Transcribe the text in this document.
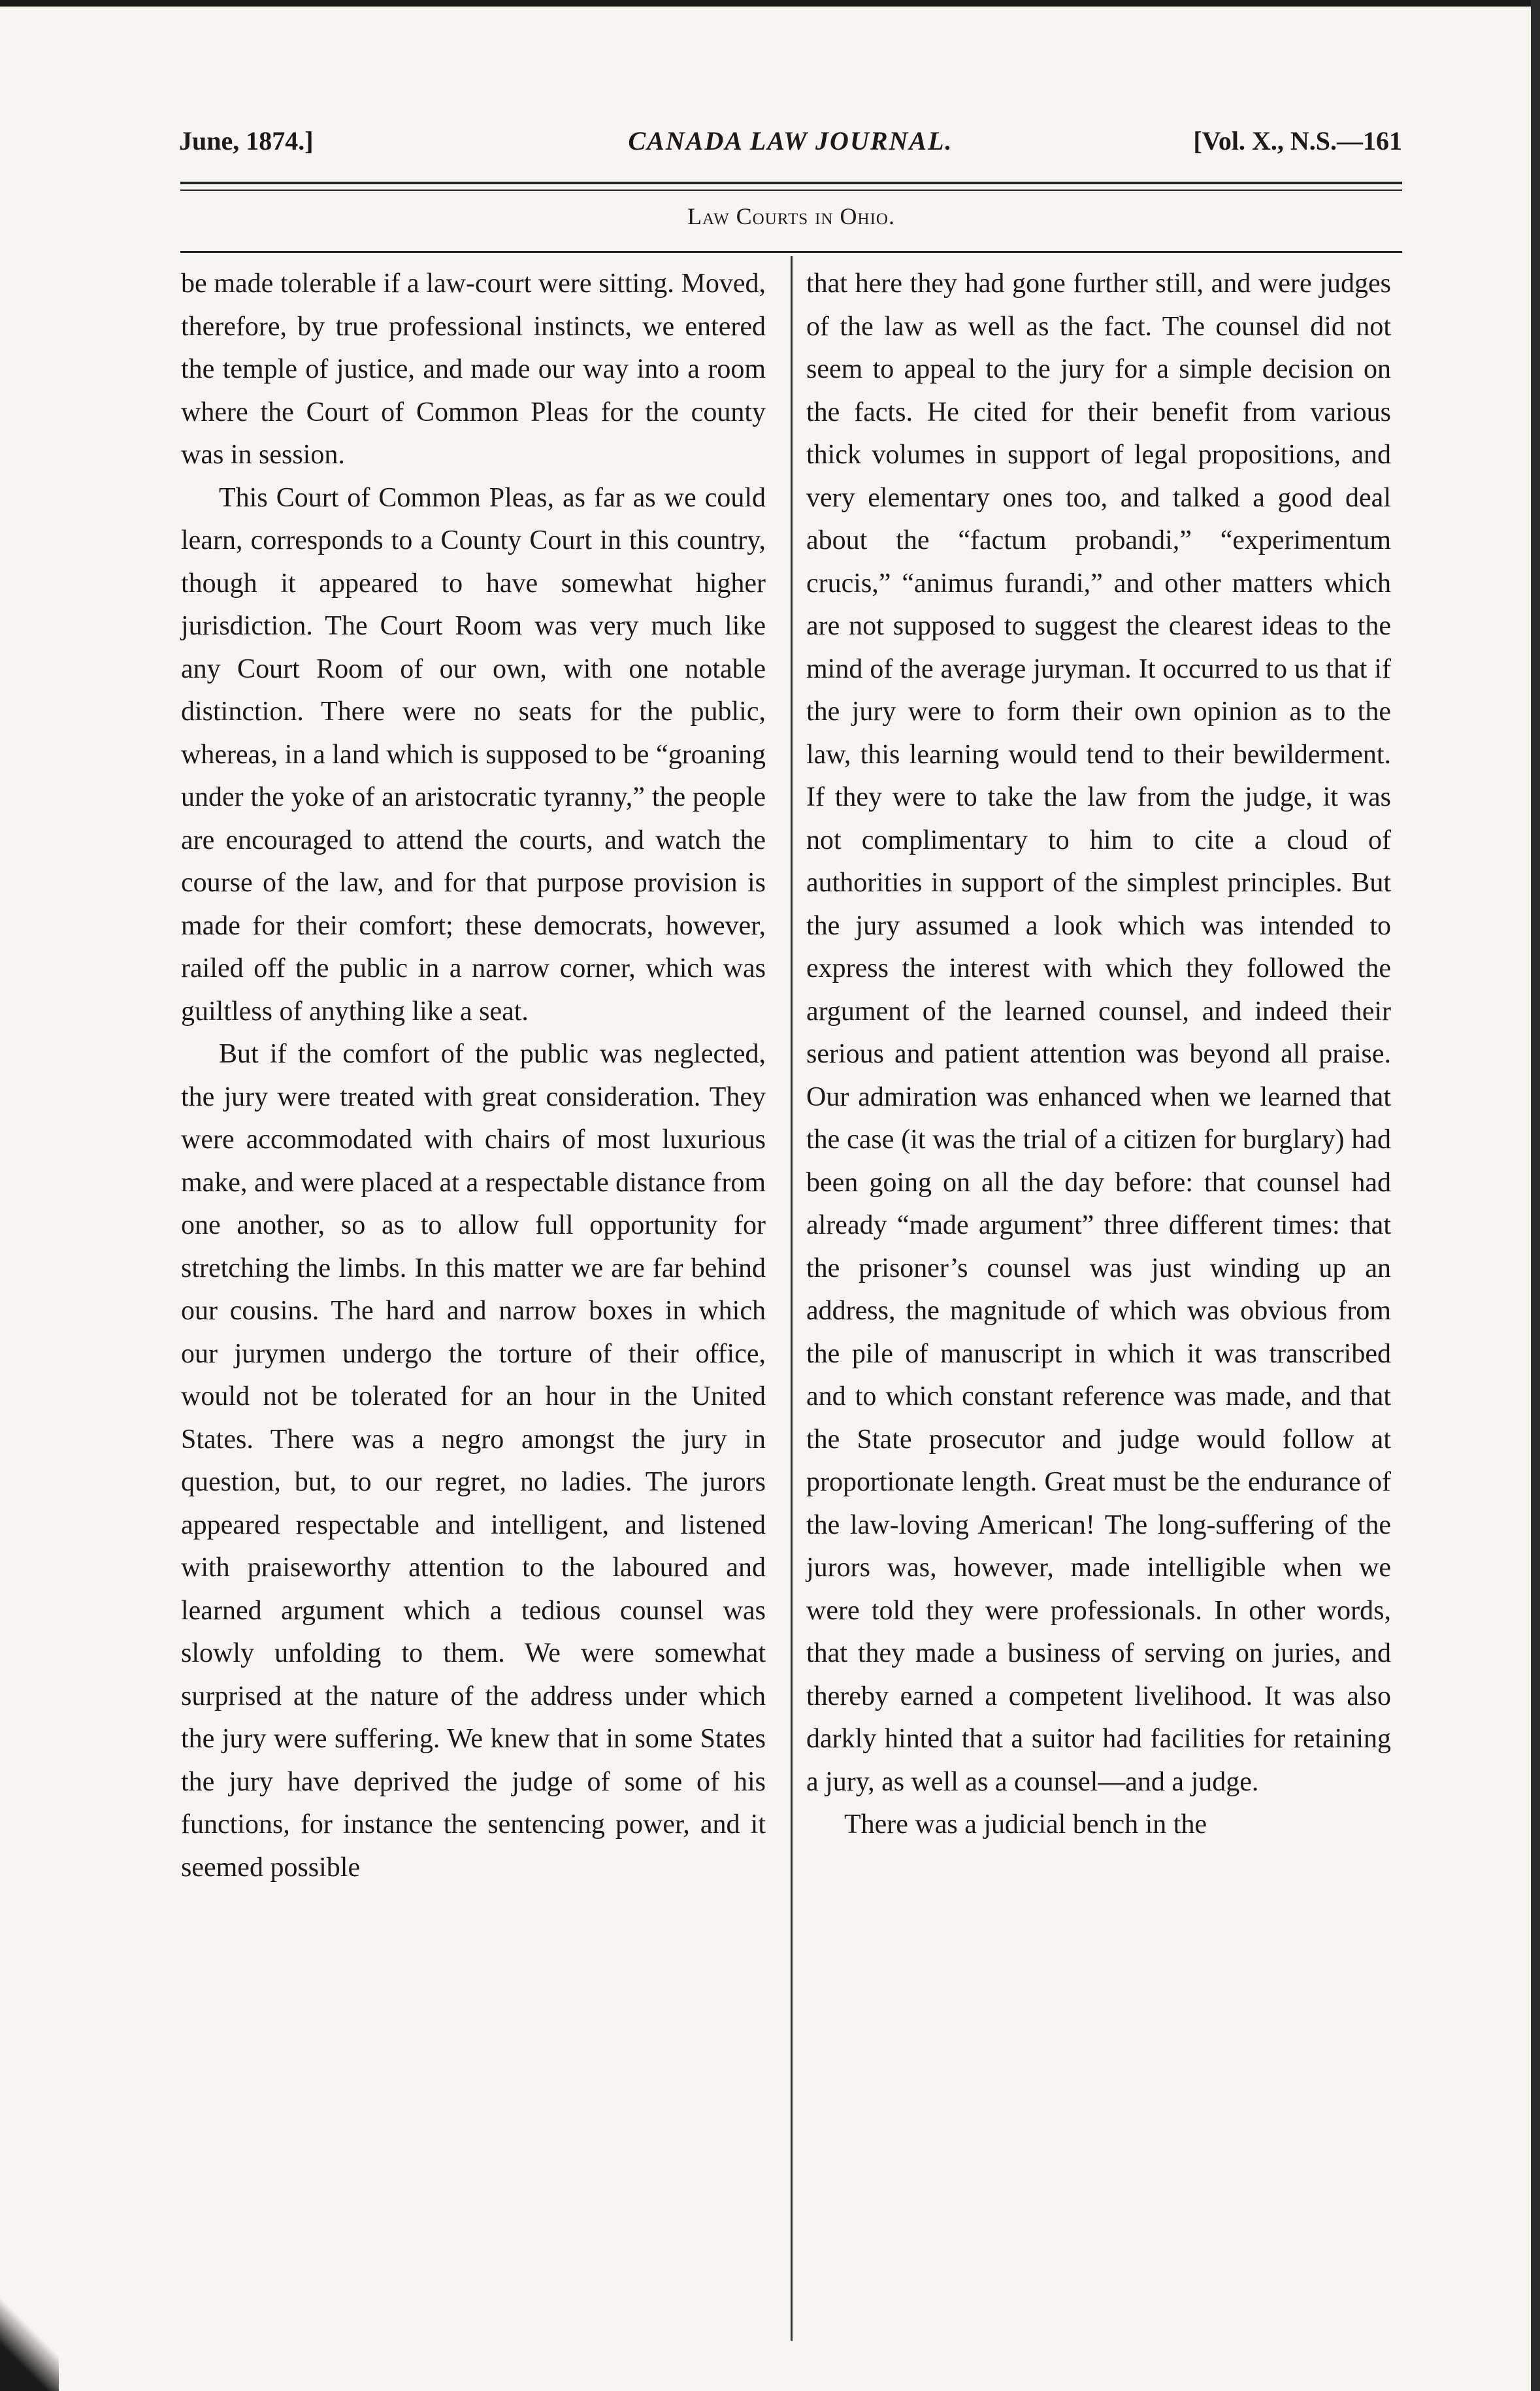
June, 1874.]	CANADA LAW JOURNAL.	[Vol. X., N.S.—161
Law Courts in Ohio.

be made tolerable if a law-court were sitting. Moved, therefore, by true professional instincts, we entered the temple of justice, and made our way into a room where the Court of Common Pleas for the county was in session.

This Court of Common Pleas, as far as we could learn, corresponds to a County Court in this country, though it appeared to have somewhat higher jurisdiction. The Court Room was very much like any Court Room of our own, with one notable distinction. There were no seats for the public, whereas, in a land which is supposed to be “groaning under the yoke of an aristocratic tyranny,” the people are encouraged to attend the courts, and watch the course of the law, and for that purpose provision is made for their comfort; these democrats, however, railed off the public in a narrow corner, which was guiltless of anything like a seat.

But if the comfort of the public was neglected, the jury were treated with great consideration. They were accommodated with chairs of most luxurious make, and were placed at a respectable distance from one another, so as to allow full opportunity for stretching the limbs. In this matter we are far behind our cousins. The hard and narrow boxes in which our jurymen undergo the torture of their office, would not be tolerated for an hour in the United States. There was a negro amongst the jury in question, but, to our regret, no ladies. The jurors appeared respectable and intelligent, and listened with praiseworthy attention to the laboured and learned argument which a tedious counsel was slowly unfolding to them. We were somewhat surprised at the nature of the address under which the jury were suffering. We knew that in some States the jury have deprived the judge of some of his functions, for instance the sentencing power, and it seemed possible

that here they had gone further still, and were judges of the law as well as the fact. The counsel did not seem to appeal to the jury for a simple decision on the facts. He cited for their benefit from various thick volumes in support of legal propositions, and very elementary ones too, and talked a good deal about the “factum probandi,” “experimentum crucis,” “animus furandi,” and other matters which are not supposed to suggest the clearest ideas to the mind of the average juryman. It occurred to us that if the jury were to form their own opinion as to the law, this learning would tend to their bewilderment. If they were to take the law from the judge, it was not complimentary to him to cite a cloud of authorities in support of the simplest principles. But the jury assumed a look which was intended to express the interest with which they followed the argument of the learned counsel, and indeed their serious and patient attention was beyond all praise. Our admiration was enhanced when we learned that the case (it was the trial of a citizen for burglary) had been going on all the day before: that counsel had already “made argument” three different times: that the prisoner’s counsel was just winding up an address, the magnitude of which was obvious from the pile of manuscript in which it was transcribed and to which constant reference was made, and that the State prosecutor and judge would follow at proportionate length. Great must be the endurance of the law-loving American! The long-suffering of the jurors was, however, made intelligible when we were told they were professionals. In other words, that they made a business of serving on juries, and thereby earned a competent livelihood. It was also darkly hinted that a suitor had facilities for retaining a jury, as well as a counsel—and a judge.

There was a judicial bench in the
